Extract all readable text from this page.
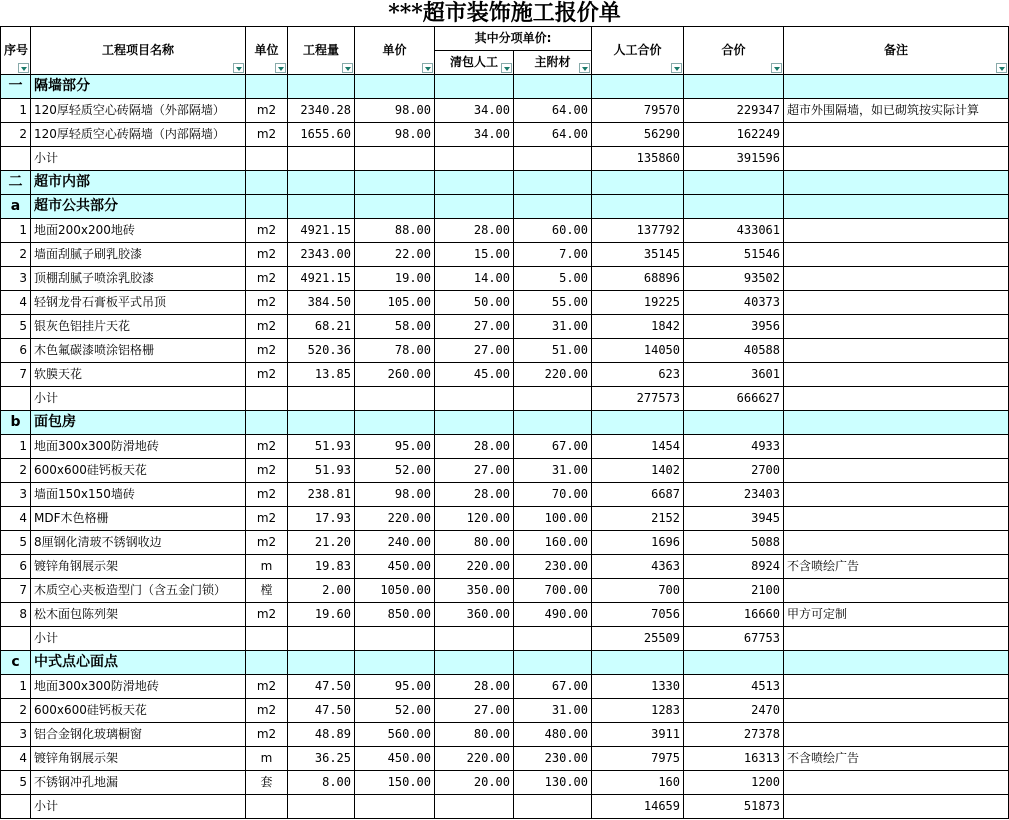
***超市装饰施工报价单
序号	工程项目名称	单位	工程量	单价	其中分项单价:		人工合价	合价	备注

					清包人工	主附材			

一	隔墙部分								
1	120厚轻质空心砖隔墙（外部隔墙）	m2	2340.28	98.00	34.00	64.00	79570	229347	超市外围隔墙，如已砌筑按实际计算
2	120厚轻质空心砖隔墙（内部隔墙）	m2	1655.60	98.00	34.00	64.00	56290	162249	
	小计						135860	391596	
二	超市内部								
a	超市公共部分								
1	地面200x200地砖	m2	4921.15	88.00	28.00	60.00	137792	433061	
2	墙面刮腻子刷乳胶漆	m2	2343.00	22.00	15.00	7.00	35145	51546	
3	顶棚刮腻子喷涂乳胶漆	m2	4921.15	19.00	14.00	5.00	68896	93502	
4	轻钢龙骨石膏板平式吊顶	m2	384.50	105.00	50.00	55.00	19225	40373	
5	银灰色铝挂片天花	m2	68.21	58.00	27.00	31.00	1842	3956	
6	木色氟碳漆喷涂铝格栅	m2	520.36	78.00	27.00	51.00	14050	40588	
7	软膜天花	m2	13.85	260.00	45.00	220.00	623	3601	
	小计						277573	666627	
b	面包房								
1	地面300x300防滑地砖	m2	51.93	95.00	28.00	67.00	1454	4933	
2	600x600硅钙板天花	m2	51.93	52.00	27.00	31.00	1402	2700	
3	墙面150x150墙砖	m2	238.81	98.00	28.00	70.00	6687	23403	
4	MDF木色格栅	m2	17.93	220.00	120.00	100.00	2152	3945	
5	8厘钢化清玻不锈钢收边	m2	21.20	240.00	80.00	160.00	1696	5088	
6	镀锌角钢展示架	m	19.83	450.00	220.00	230.00	4363	8924	不含喷绘广告
7	木质空心夹板造型门（含五金门锁）	樘	2.00	1050.00	350.00	700.00	700	2100	
8	松木面包陈列架	m2	19.60	850.00	360.00	490.00	7056	16660	甲方可定制
	小计						25509	67753	
c	中式点心面点								
1	地面300x300防滑地砖	m2	47.50	95.00	28.00	67.00	1330	4513	
2	600x600硅钙板天花	m2	47.50	52.00	27.00	31.00	1283	2470	
3	铝合金钢化玻璃橱窗	m2	48.89	560.00	80.00	480.00	3911	27378	
4	镀锌角钢展示架	m	36.25	450.00	220.00	230.00	7975	16313	不含喷绘广告
5	不锈钢冲孔地漏	套	8.00	150.00	20.00	130.00	160	1200	
	小计						14659	51873	
